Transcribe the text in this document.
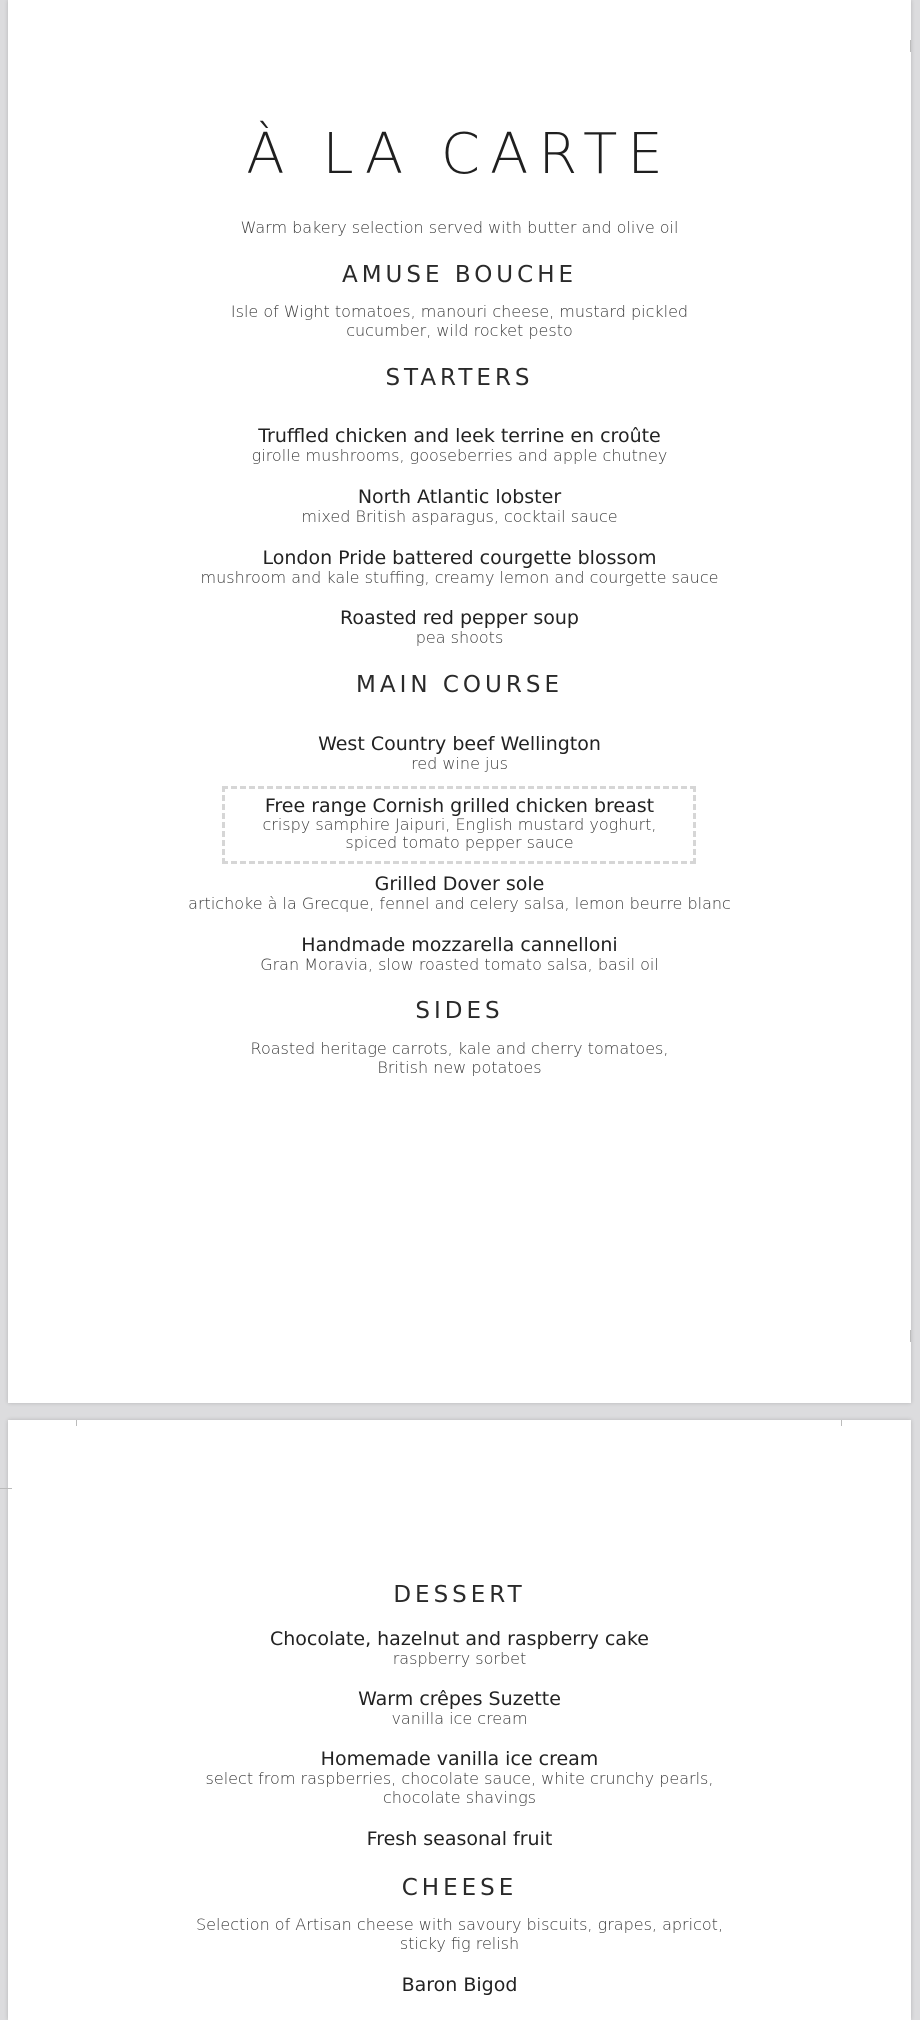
À LA CARTE
Warm bakery selection served with butter and olive oil
AMUSE BOUCHE
Isle of Wight tomatoes, manouri cheese, mustard pickled
cucumber, wild rocket pesto
STARTERS
Truffled chicken and leek terrine en croûte
girolle mushrooms, gooseberries and apple chutney
North Atlantic lobster
mixed British asparagus, cocktail sauce
London Pride battered courgette blossom
mushroom and kale stuffing, creamy lemon and courgette sauce
Roasted red pepper soup
pea shoots
MAIN COURSE
West Country beef Wellington
red wine jus
Free range Cornish grilled chicken breast
crispy samphire Jaipuri, English mustard yoghurt,
spiced tomato pepper sauce
Grilled Dover sole
artichoke à la Grecque, fennel and celery salsa, lemon beurre blanc
Handmade mozzarella cannelloni
Gran Moravia, slow roasted tomato salsa, basil oil
SIDES
Roasted heritage carrots, kale and cherry tomatoes,
British new potatoes
DESSERT
Chocolate, hazelnut and raspberry cake
raspberry sorbet
Warm crêpes Suzette
vanilla ice cream
Homemade vanilla ice cream
select from raspberries, chocolate sauce, white crunchy pearls,
chocolate shavings
Fresh seasonal fruit
CHEESE
Selection of Artisan cheese with savoury biscuits, grapes, apricot,
sticky fig relish
Baron Bigod
